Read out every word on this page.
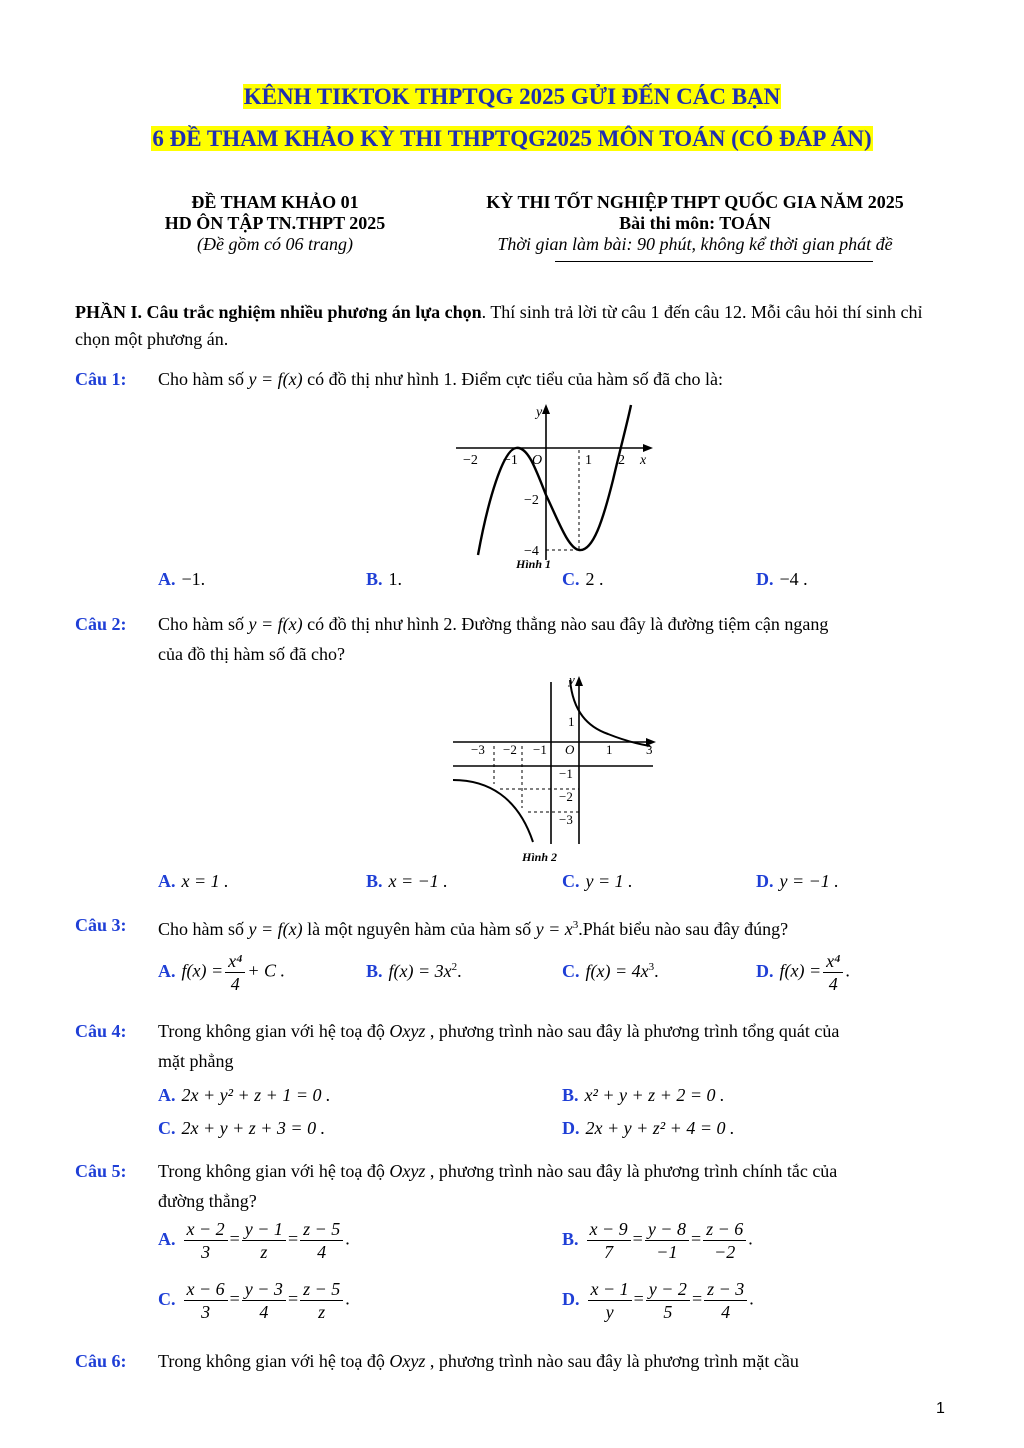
KÊNH TIKTOK THPTQG 2025 GỬI ĐẾN CÁC BẠN
6 ĐỀ THAM KHẢO KỲ THI THPTQG2025 MÔN TOÁN (CÓ ĐÁP ÁN)
ĐỀ THAM KHẢO 01
HD ÔN TẬP TN.THPT 2025
(Đề gồm có 06 trang)
KỲ THI TỐT NGHIỆP THPT QUỐC GIA NĂM 2025
Bài thi môn: TOÁN
Thời gian làm bài: 90 phút, không kể thời gian phát đề
PHẦN I. Câu trắc nghiệm nhiều phương án lựa chọn. Thí sinh trả lời từ câu 1 đến câu 12. Mỗi câu hỏi thí sinh chỉ chọn một phương án.
Câu 1: Cho hàm số y = f(x) có đồ thị như hình 1. Điểm cực tiểu của hàm số đã cho là:
−2 −1 O	1 2 x
y
−2
−4
Hình 1
A. −1.	B. 1.	C. 2 .	D. −4 .
Câu 2: Cho hàm số y = f(x) có đồ thị như hình 2. Đường thẳng nào sau đây là đường tiệm cận ngang
của đồ thị hàm số đã cho?
−3 −2 −1 O 1	3
1
−1
−2
−3
y
Hình 2
A. x = 1 .	B. x = −1 .	C. y = 1 .	D. y = −1 .
Câu 3: Cho hàm số y = f(x) là một nguyên hàm của hàm số $y = x^3.Phát$ biểu nào sau đây đúng?
A. $f(x) = \frac{\text{x⁴}}{4} + C$ .	B. $f(x) = 3x^2$.	C. $f(x) = 4x^3$.	D. $f(x) = \frac{\text{x⁴}}{4}$ .
Câu 4: Trong không gian với hệ toạ độ Oxyz , phương trình nào sau đây là phương trình tổng quát của
mặt phẳng
A. 2x + y² + z + 1 = 0 .	B. x² + y + z + 2 = 0 .
C. 2x + y + z + 3 = 0 .	D. 2x + y + z² + 4 = 0 .
Câu 5: Trong không gian với hệ toạ độ Oxyz , phương trình nào sau đây là phương trình chính tắc của
đường thẳng?
A. $\frac{x - 2}{3} = \frac{y - 1}{z} = \frac{z - 5}{4}$ .	B. $\frac{x - 9}{7} = \frac{y - 8}{-1} = \frac{z - 6}{-2}$ .
C. $\frac{x - 6}{3} = \frac{y - 3}{4} = \frac{z - 5}{z}$ .	D. $\frac{x - 1}{y} = \frac{y - 2}{5} = \frac{z - 3}{4}$ .
Câu 6: Trong không gian với hệ toạ độ Oxyz , phương trình nào sau đây là phương trình mặt cầu
1
